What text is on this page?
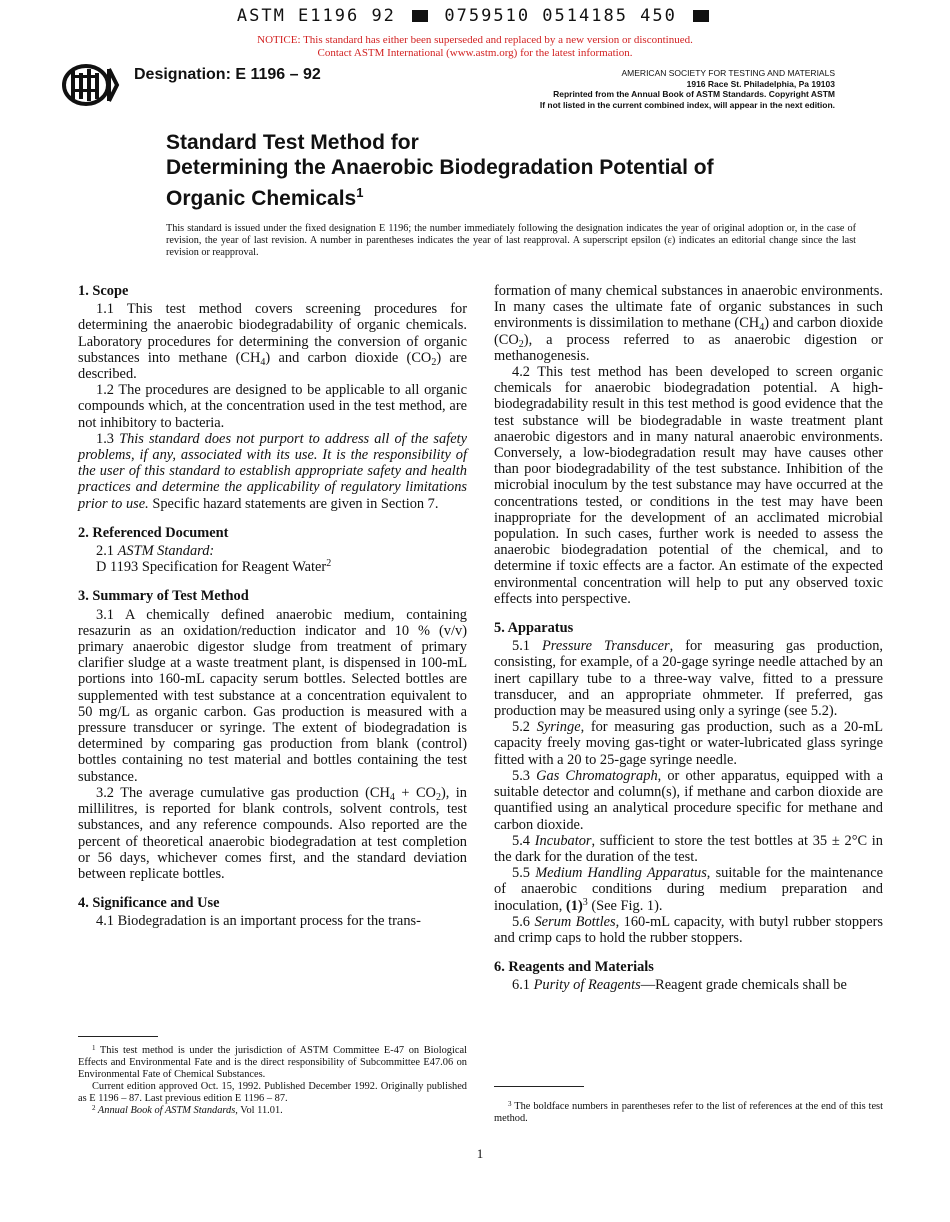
ASTM E1196 92	0759510 0514185 450
NOTICE: This standard has either been superseded and replaced by a new version or discontinued.
Contact ASTM International (www.astm.org) for the latest information.
Designation: E 1196 – 92	AMERICAN SOCIETY FOR TESTING AND MATERIALS
1916 Race St. Philadelphia, Pa 19103
Reprinted from the Annual Book of ASTM Standards. Copyright ASTM
If not listed in the current combined index, will appear in the next edition.
Standard Test Method for
Determining the Anaerobic Biodegradation Potential of
Organic Chemicals$^1$
This standard is issued under the fixed designation E 1196; the number immediately following the designation indicates the year of original adoption or, in the case of revision, the year of last revision. A number in parentheses indicates the year of last reapproval. A superscript epsilon (ε) indicates an editorial change since the last revision or reapproval.
1. Scope

1.1 This test method covers screening procedures for determining the anaerobic biodegradability of organic chemicals. Laboratory procedures for determining the conversion of organic substances into methane $(CH_4)$ and carbon dioxide $(CO_2)$ are described.

1.2 The procedures are designed to be applicable to all organic compounds which, at the concentration used in the test method, are not inhibitory to bacteria.

1.3 This standard does not purport to address all of the safety problems, if any, associated with its use. It is the responsibility of the user of this standard to establish appropriate safety and health practices and determine the applicability of regulatory limitations prior to use. Specific hazard statements are given in Section 7.

2. Referenced Document

2.1 ASTM Standard:

D 1193 Specification for Reagent Water$^2$

3. Summary of Test Method

3.1 A chemically defined anaerobic medium, containing resazurin as an oxidation/reduction indicator and 10 % (v/v) primary anaerobic digestor sludge from treatment of primary clarifier sludge at a waste treatment plant, is dispensed in 100-mL portions into 160-mL capacity serum bottles. Selected bottles are supplemented with test substance at a concentration equivalent to 50 mg/L as organic carbon. Gas production is measured with a pressure transducer or syringe. The extent of biodegradation is determined by comparing gas production from blank (control) bottles containing no test material and bottles containing the test substance.

3.2 The average cumulative gas production $(CH_4 + CO_2)$, in millilitres, is reported for blank controls, solvent controls, test substances, and any reference compounds. Also reported are the percent of theoretical anaerobic biodegradation at test completion or 56 days, whichever comes first, and the standard deviation between replicate bottles.

4. Significance and Use

4.1 Biodegradation is an important process for the trans-

$^1$ This test method is under the jurisdiction of ASTM Committee E-47 on Biological Effects and Environmental Fate and is the direct responsibility of Subcommittee E47.06 on Environmental Fate of Chemical Substances.

Current edition approved Oct. 15, 1992. Published December 1992. Originally published as E 1196 – 87. Last previous edition E 1196 – 87.

$^2$ Annual Book of ASTM Standards, Vol 11.01.

formation of many chemical substances in anaerobic environments. In many cases the ultimate fate of organic substances in such environments is dissimilation to methane $(CH_4)$ and carbon dioxide $(CO_2)$, a process referred to as anaerobic digestion or methanogenesis.

4.2 This test method has been developed to screen organic chemicals for anaerobic biodegradation potential. A high-biodegradability result in this test method is good evidence that the test substance will be biodegradable in waste treatment plant anaerobic digestors and in many natural anaerobic environments. Conversely, a low-biodegradation result may have causes other than poor biodegradability of the test substance. Inhibition of the microbial inoculum by the test substance may have occurred at the concentrations tested, or conditions in the test may have been inappropriate for the development of an acclimated microbial population. In such cases, further work is needed to assess the anaerobic biodegradation potential of the chemical, and to determine if toxic effects are a factor. An estimate of the expected environmental concentration will help to put any observed toxic effects into perspective.

5. Apparatus

5.1 Pressure Transducer, for measuring gas production, consisting, for example, of a 20-gage syringe needle attached by an inert capillary tube to a three-way valve, fitted to a pressure transducer, and an appropriate ohmmeter. If preferred, gas production may be measured using only a syringe (see 5.2).

5.2 Syringe, for measuring gas production, such as a 20-mL capacity freely moving gas-tight or water-lubricated glass syringe fitted with a 20 to 25-gage syringe needle.

5.3 Gas Chromatograph, or other apparatus, equipped with a suitable detector and column(s), if methane and carbon dioxide are quantified using an analytical procedure specific for methane and carbon dioxide.

5.4 Incubator, sufficient to store the test bottles at 35 ± 2°C in the dark for the duration of the test.

5.5 Medium Handling Apparatus, suitable for the maintenance of anaerobic conditions during medium preparation and inoculation, $(1)^3$ (See Fig. 1).

5.6 Serum Bottles, 160-mL capacity, with butyl rubber stoppers and crimp caps to hold the rubber stoppers.

6. Reagents and Materials

6.1 Purity of Reagents—Reagent grade chemicals shall be

$^3$ The boldface numbers in parentheses refer to the list of references at the end of this test method.

1
